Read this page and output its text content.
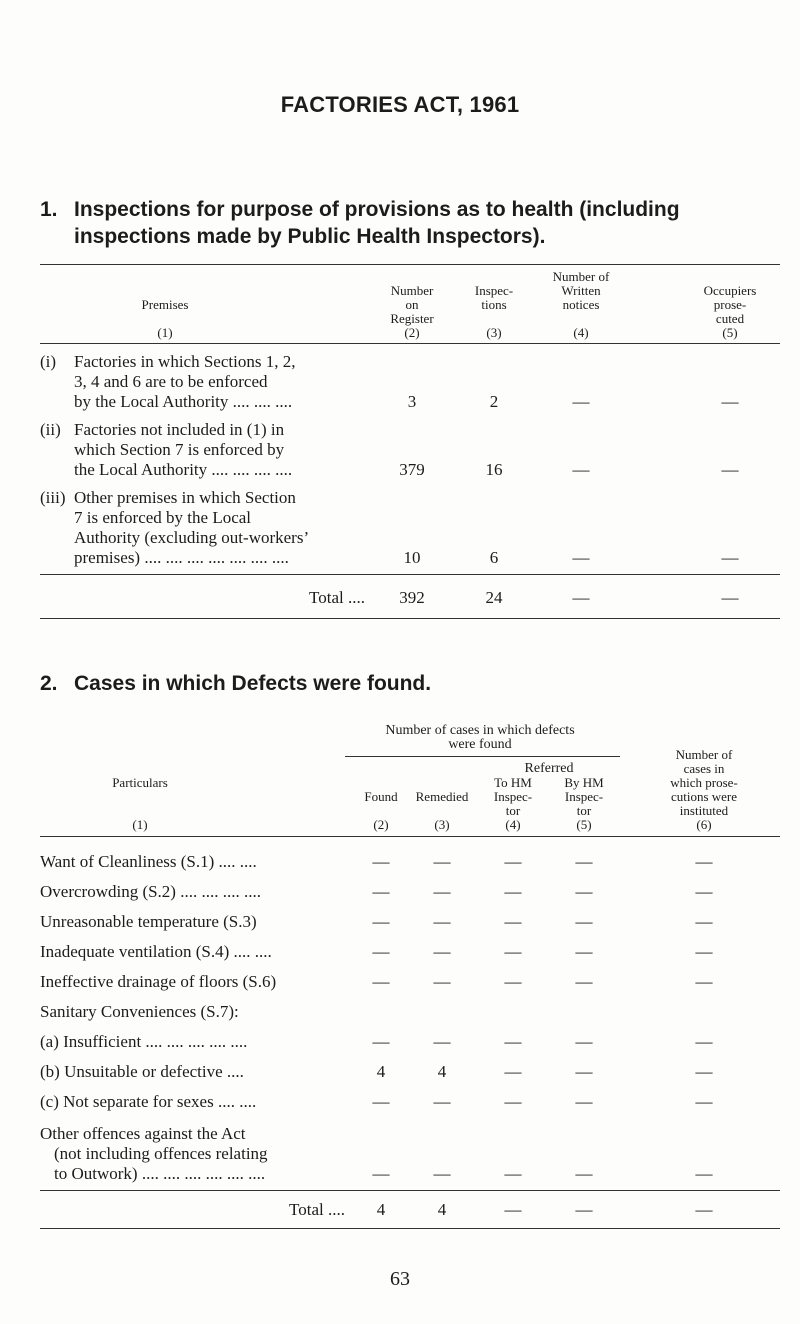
FACTORIES ACT, 1961
1. Inspections for purpose of provisions as to health (including
inspections made by Public Health Inspectors).
Premises
(1)
Number
on
Register
(2)
Inspec-
tions

(3)
Number of
Written
notices

(4)
Occupiers
prose-
cuted
(5)
(i) Factories in which Sections 1, 2,
3, 4 and 6 are to be enforced
by the Local Authority .... .... ....	3	2	—	—
(ii) Factories not included in (1) in
which Section 7 is enforced by
the Local Authority .... .... .... ....	379	16	—	—
(iii) Other premises in which Section
7 is enforced by the Local
Authority (excluding out-workers’
premises) .... .... .... .... .... .... ....	10	6	—	—
Total ....	392	24	—	—
2. Cases in which Defects were found.
Number of cases in which defects
were found
Particulars
(1)
Found

(2)
Remedied

(3)
Referred
To HM
Inspec-
tor
(4)
By HM
Inspec-
tor
(5)
Number of
cases in
which prose-
cutions were
instituted
(6)
Want of Cleanliness (S.1) .... ....	—	—	—	—	—
Overcrowding (S.2) .... .... .... ....	—	—	—	—	—
Unreasonable temperature (S.3)	—	—	—	—	—
Inadequate ventilation (S.4) .... ....	—	—	—	—	—
Ineffective drainage of floors (S.6)	—	—	—	—	—
Sanitary Conveniences (S.7):
(a) Insufficient .... .... .... .... ....	—	—	—	—	—
(b) Unsuitable or defective ....	4	4	—	—	—
(c) Not separate for sexes .... ....	—	—	—	—	—
Other offences against the Act
(not including offences relating
to Outwork) .... .... .... .... .... ....	—	—	—	—	—
Total ....	4	4	—	—	—
63
